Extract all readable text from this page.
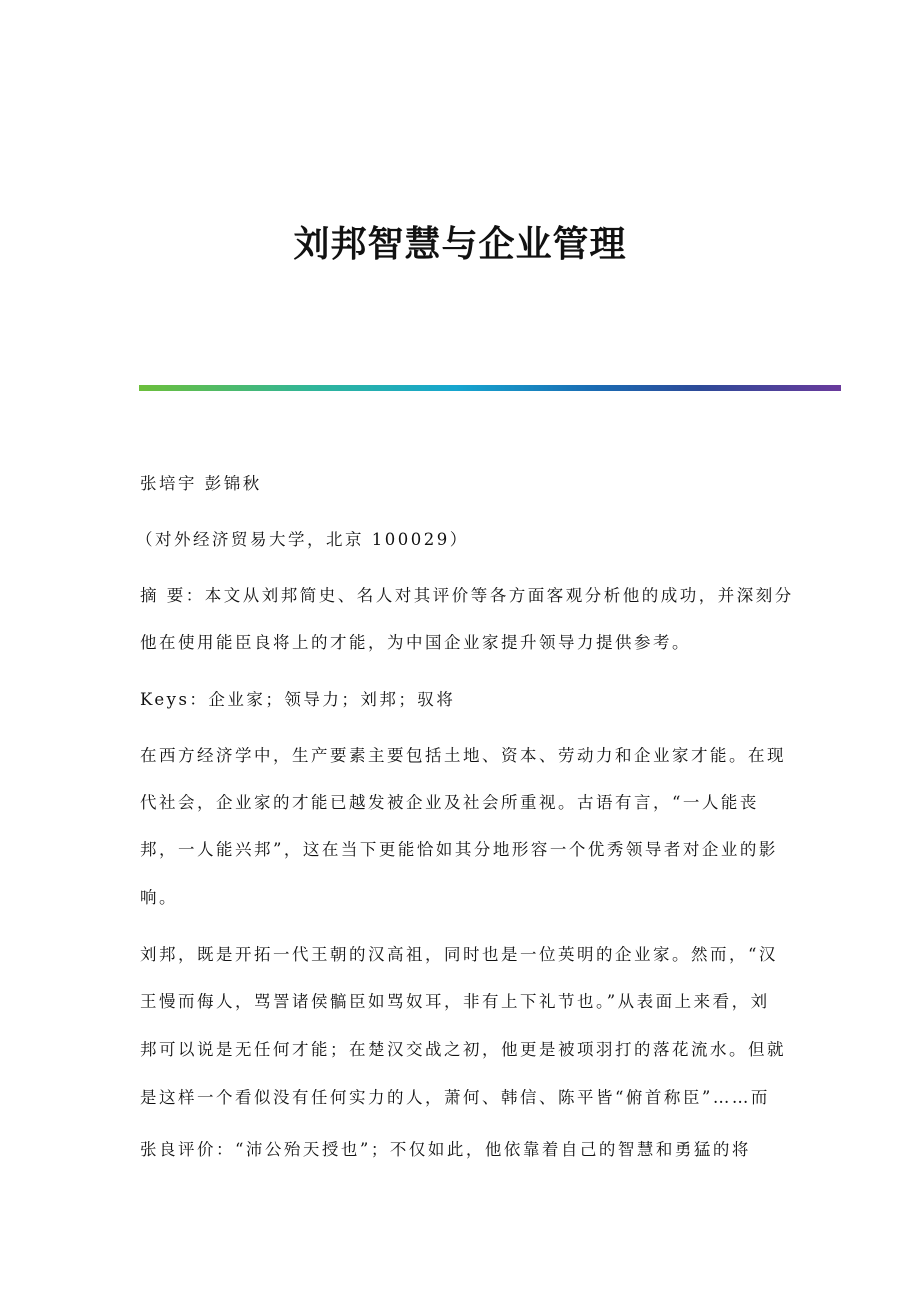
刘邦智慧与企业管理
张培宇 彭锦秋
（对外经济贸易大学，北京 100029）
摘 要：本文从刘邦简史、名人对其评价等各方面客观分析他的成功，并深刻分
他在使用能臣良将上的才能，为中国企业家提升领导力提供参考。
Keys：企业家；领导力；刘邦；驭将
在西方经济学中，生产要素主要包括土地、资本、劳动力和企业家才能。在现
代社会，企业家的才能已越发被企业及社会所重视。古语有言，“一人能丧
邦，一人能兴邦”，这在当下更能恰如其分地形容一个优秀领导者对企业的影
响。
刘邦，既是开拓一代王朝的汉高祖，同时也是一位英明的企业家。然而，“汉
王慢而侮人，骂詈诸侯髇臣如骂奴耳，非有上下礼节也。”从表面上来看，刘
邦可以说是无任何才能；在楚汉交战之初，他更是被项羽打的落花流水。但就
是这样一个看似没有任何实力的人，萧何、韩信、陈平皆“俯首称臣”……而
张良评价：“沛公殆天授也”；不仅如此，他依靠着自己的智慧和勇猛的将
